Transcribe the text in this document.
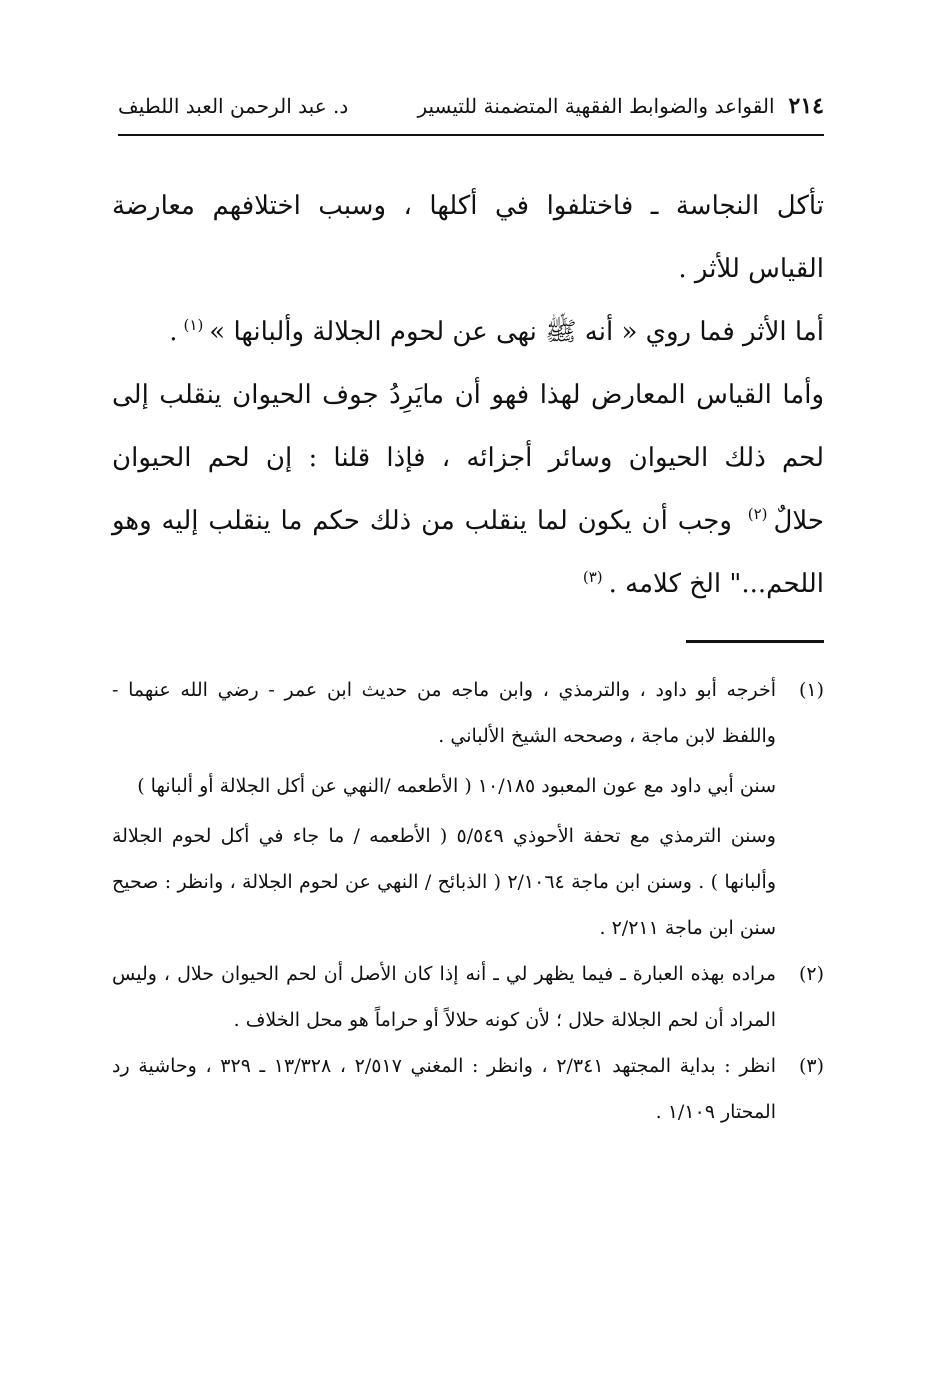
٢١٤
القواعد والضوابط الفقهية المتضمنة للتيسير
د. عبد الرحمن العبد اللطيف

تأكل النجاسة ـ فاختلفوا في أكلها ، وسبب اختلافهم معارضة القياس للأثر .

أما الأثر فما روي « أنه ﷺ نهى عن لحوم الجلالة وألبانها »$^{(١)}$.

وأما القياس المعارض لهذا فهو أن مايَرِدُ جوف الحيوان ينقلب إلى لحم ذلك الحيوان وسائر أجزائه ، فإذا قلنا : إن لحم الحيوان حلالٌ$^{(٢)}$ وجب أن يكون لما ينقلب من ذلك حكم ما ينقلب إليه وهو اللحم..." الخ كلامه .$^{(٣)}$

(١)

أخرجه أبو داود ، والترمذي ، وابن ماجه من حديث ابن عمر - رضي الله عنهما - واللفظ لابن ماجة ، وصححه الشيخ الألباني .

سنن أبي داود مع عون المعبود ١٠/١٨٥ ( الأطعمه /النهي عن أكل الجلالة أو ألبانها )

وسنن الترمذي مع تحفة الأحوذي ٥/٥٤٩ ( الأطعمه / ما جاء في أكل لحوم الجلالة وألبانها ) . وسنن ابن ماجة ٢/١٠٦٤ ( الذبائح / النهي عن لحوم الجلالة ، وانظر : صحيح سنن ابن ماجة ٢/٢١١ .

(٢)

مراده بهذه العبارة ـ فيما يظهر لي ـ أنه إذا كان الأصل أن لحم الحيوان حلال ، وليس المراد أن لحم الجلالة حلال ؛ لأن كونه حلالاً أو حراماً هو محل الخلاف .

(٣)

انظر : بداية المجتهد ٢/٣٤١ ، وانظر : المغني ٢/٥١٧ ، ١٣/٣٢٨ ـ ٣٢٩ ، وحاشية رد المحتار ١/١٠٩ .
